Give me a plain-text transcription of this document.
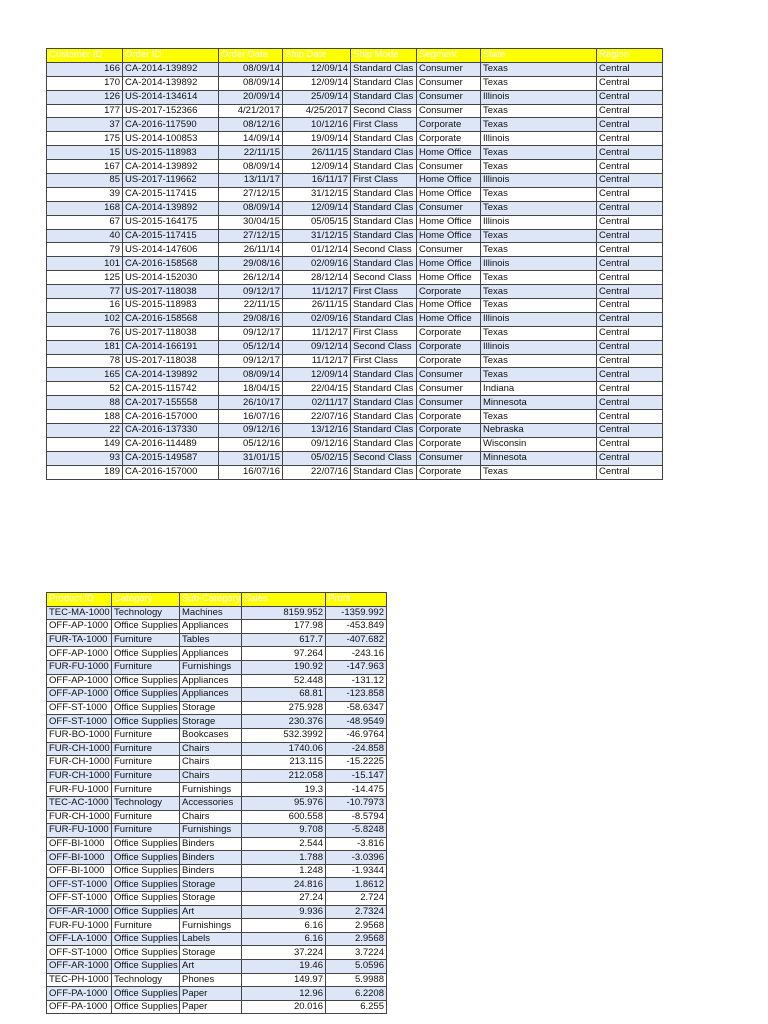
Customer ID	Order ID	Order Date	Ship Date	Ship Mode	Segment	State	Region
166	CA-2014-139892	08/09/14	12/09/14	Standard Clas	Consumer	Texas	Central
170	CA-2014-139892	08/09/14	12/09/14	Standard Clas	Consumer	Texas	Central
126	US-2014-134614	20/09/14	25/09/14	Standard Clas	Consumer	Illinois	Central
177	US-2017-152366	4/21/2017	4/25/2017	Second Class	Consumer	Texas	Central
37	CA-2016-117590	08/12/16	10/12/16	First Class	Corporate	Texas	Central
175	US-2014-100853	14/09/14	19/09/14	Standard Clas	Corporate	Illinois	Central
15	US-2015-118983	22/11/15	26/11/15	Standard Clas	Home Office	Texas	Central
167	CA-2014-139892	08/09/14	12/09/14	Standard Clas	Consumer	Texas	Central
85	US-2017-119662	13/11/17	16/11/17	First Class	Home Office	Illinois	Central
39	CA-2015-117415	27/12/15	31/12/15	Standard Clas	Home Office	Texas	Central
168	CA-2014-139892	08/09/14	12/09/14	Standard Clas	Consumer	Texas	Central
67	US-2015-164175	30/04/15	05/05/15	Standard Clas	Home Office	Illinois	Central
40	CA-2015-117415	27/12/15	31/12/15	Standard Clas	Home Office	Texas	Central
79	US-2014-147606	26/11/14	01/12/14	Second Class	Consumer	Texas	Central
101	CA-2016-158568	29/08/16	02/09/16	Standard Clas	Home Office	Illinois	Central
125	US-2014-152030	26/12/14	28/12/14	Second Class	Home Office	Texas	Central
77	US-2017-118038	09/12/17	11/12/17	First Class	Corporate	Texas	Central
16	US-2015-118983	22/11/15	26/11/15	Standard Clas	Home Office	Texas	Central
102	CA-2016-158568	29/08/16	02/09/16	Standard Clas	Home Office	Illinois	Central
76	US-2017-118038	09/12/17	11/12/17	First Class	Corporate	Texas	Central
181	CA-2014-166191	05/12/14	09/12/14	Second Class	Corporate	Illinois	Central
78	US-2017-118038	09/12/17	11/12/17	First Class	Corporate	Texas	Central
165	CA-2014-139892	08/09/14	12/09/14	Standard Clas	Consumer	Texas	Central
52	CA-2015-115742	18/04/15	22/04/15	Standard Clas	Consumer	Indiana	Central
88	CA-2017-155558	26/10/17	02/11/17	Standard Clas	Consumer	Minnesota	Central
188	CA-2016-157000	16/07/16	22/07/16	Standard Clas	Corporate	Texas	Central
22	CA-2016-137330	09/12/16	13/12/16	Standard Clas	Corporate	Nebraska	Central
149	CA-2016-114489	05/12/16	09/12/16	Standard Clas	Corporate	Wisconsin	Central
93	CA-2015-149587	31/01/15	05/02/15	Second Class	Consumer	Minnesota	Central
189	CA-2016-157000	16/07/16	22/07/16	Standard Clas	Corporate	Texas	Central
Product ID	Category	Sub-Category	Sales	Profit
TEC-MA-1000	Technology	Machines	8159.952	-1359.992
OFF-AP-1000	Office Supplies	Appliances	177.98	-453.849
FUR-TA-1000	Furniture	Tables	617.7	-407.682
OFF-AP-1000	Office Supplies	Appliances	97.264	-243.16
FUR-FU-1000	Furniture	Furnishings	190.92	-147.963
OFF-AP-1000	Office Supplies	Appliances	52.448	-131.12
OFF-AP-1000	Office Supplies	Appliances	68.81	-123.858
OFF-ST-1000	Office Supplies	Storage	275.928	-58.6347
OFF-ST-1000	Office Supplies	Storage	230.376	-48.9549
FUR-BO-1000	Furniture	Bookcases	532.3992	-46.9764
FUR-CH-1000	Furniture	Chairs	1740.06	-24.858
FUR-CH-1000	Furniture	Chairs	213.115	-15.2225
FUR-CH-1000	Furniture	Chairs	212.058	-15.147
FUR-FU-1000	Furniture	Furnishings	19.3	-14.475
TEC-AC-1000	Technology	Accessories	95.976	-10.7973
FUR-CH-1000	Furniture	Chairs	600.558	-8.5794
FUR-FU-1000	Furniture	Furnishings	9.708	-5.8248
OFF-BI-1000	Office Supplies	Binders	2.544	-3.816
OFF-BI-1000	Office Supplies	Binders	1.788	-3.0396
OFF-BI-1000	Office Supplies	Binders	1.248	-1.9344
OFF-ST-1000	Office Supplies	Storage	24.816	1.8612
OFF-ST-1000	Office Supplies	Storage	27.24	2.724
OFF-AR-1000	Office Supplies	Art	9.936	2.7324
FUR-FU-1000	Furniture	Furnishings	6.16	2.9568
OFF-LA-1000	Office Supplies	Labels	6.16	2.9568
OFF-ST-1000	Office Supplies	Storage	37.224	3.7224
OFF-AR-1000	Office Supplies	Art	19.46	5.0596
TEC-PH-1000	Technology	Phones	149.97	5.9988
OFF-PA-1000	Office Supplies	Paper	12.96	6.2208
OFF-PA-1000	Office Supplies	Paper	20.016	6.255
